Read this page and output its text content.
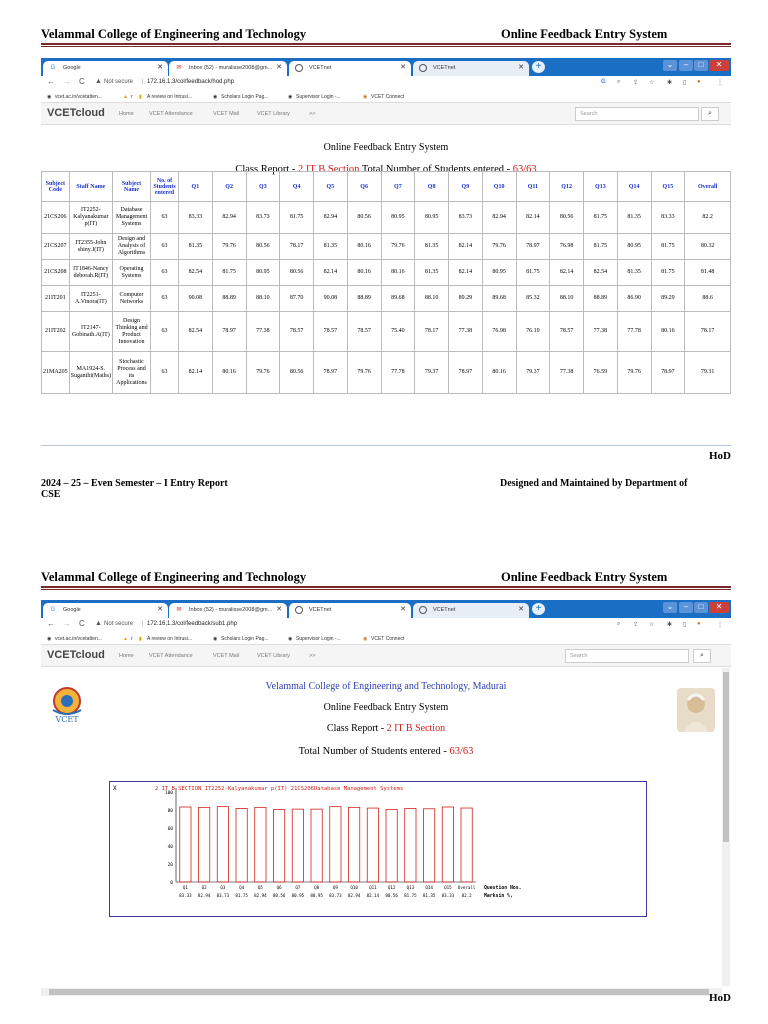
Velammal College of Engineering and Technology	Online Feedback Entry System
G	Google	✕ ✉ Inbox (52) - muralisse2008@gm... ✕	VCETnet	✕	VCETnet	✕	+	⌄	–	□	✕
← → C ▲ Not secure | 172.16.1.3/col/feedback/hod.php	G ⌕ ⇪ ☆ ✱ ▯ ●	⋮
◉ vcet.ac.in/vcetatten...	▲ r ▮ A review on Intrusi...	◉ Scholars Login Pag...	◉ Supervisor Login -...	◉ VCET Connect
VCETcloud	Home	VCET Attendance	VCET Mail	VCET Library	>>	Search	⌕
Online Feedback Entry System
Class Report - 2 IT B Section Total Number of Students entered - 63/63
Subject Code	Staff Name	Subject Name	No. of Students entered	Q1	Q2	Q3	Q4	Q5	Q6	Q7	Q8	Q9	Q10	Q11	Q12	Q13	Q14	Q15	Overall
21CS206	IT2252-Kalyanakumar p(IT)	Database Management Systems	63	83.33	82.94	83.73	81.75	82.94	80.56	80.95	80.95	83.73	82.94	82.14	80.56	81.75	81.35	83.33	82.2
21CS207	IT2355-John shiny.J(IT)	Design and Analysis of Algorithms	63	81.35	79.76	80.56	78.17	81.35	80.16	79.76	81.35	82.14	79.76	78.97	76.98	81.75	80.95	81.75	80.32
21CS208	IT1846-Nancy deborah.R(IT)	Operating Systems	63	82.54	81.75	80.95	80.56	82.14	80.16	80.16	81.35	82.14	80.95	81.75	82.14	82.54	81.35	81.75	81.48
21IT201	IT2251-A.Vinora(IT)	Computer Networks	63	90.08	88.89	88.10	87.70	90.08	88.89	89.68	88.10	89.29	89.68	85.32	88.10	88.89	86.90	89.29	88.6
21IT202	IT2147-Gobinath.A(IT)	Design Thinking and Product Innovation	63	82.54	78.97	77.38	78.57	78.57	78.57	75.40	78.17	77.38	76.98	76.19	78.57	77.38	77.78	80.16	78.17
21MA205	MA1924-S. Suganthi(Maths)	Stochastic Process and its Applications	63	82.14	80.16	79.76	80.56	78.97	79.76	77.78	79.37	78.97	80.16	79.37	77.38	76.59	79.76	78.97	79.31
HoD
2024 – 25 – Even Semester – I Entry Report
CSE
Designed and Maintained by Department of
Velammal College of Engineering and Technology	Online Feedback Entry System
G	Google	✕ ✉ Inbox (52) - muralisse2008@gm... ✕	VCETnet	✕	VCETnet	✕	+	⌄	–	□	✕
← → C ▲ Not secure | 172.16.1.3/col/feedback/sub1.php	⌕ ⇪ ☆ ✱ ▯ ●	⋮
◉ vcet.ac.in/vcetatten...	▲ r ▮ A review on Intrusi...	◉ Scholars Login Pag...	◉ Supervisor Login -...	◉ VCET Connect
VCETcloud	Home	VCET Attendance	VCET Mail	VCET Library	>>	Search	⌕
VCET
Velammal College of Engineering and Technology, Madurai
Online Feedback Entry System
Class Report - 2 IT B Section
Total Number of Students entered - 63/63
X	2 IT B SECTION IT2252-Kalyanakumar p(IT) 21CS206Database Management Systems
0
20
40
60
80
100
Q1
83.33
Q2
82.94
Q3
83.73
Q4
81.75
Q5
82.94
Q6
80.56
Q7
80.95
Q8
80.95
Q9
83.73
Q10
82.94
Q11
82.14
Q12
80.56
Q13
81.75
Q14
81.35
Q15
83.33
Overall
82.2
Question Nos.
Marksin %,
HoD
